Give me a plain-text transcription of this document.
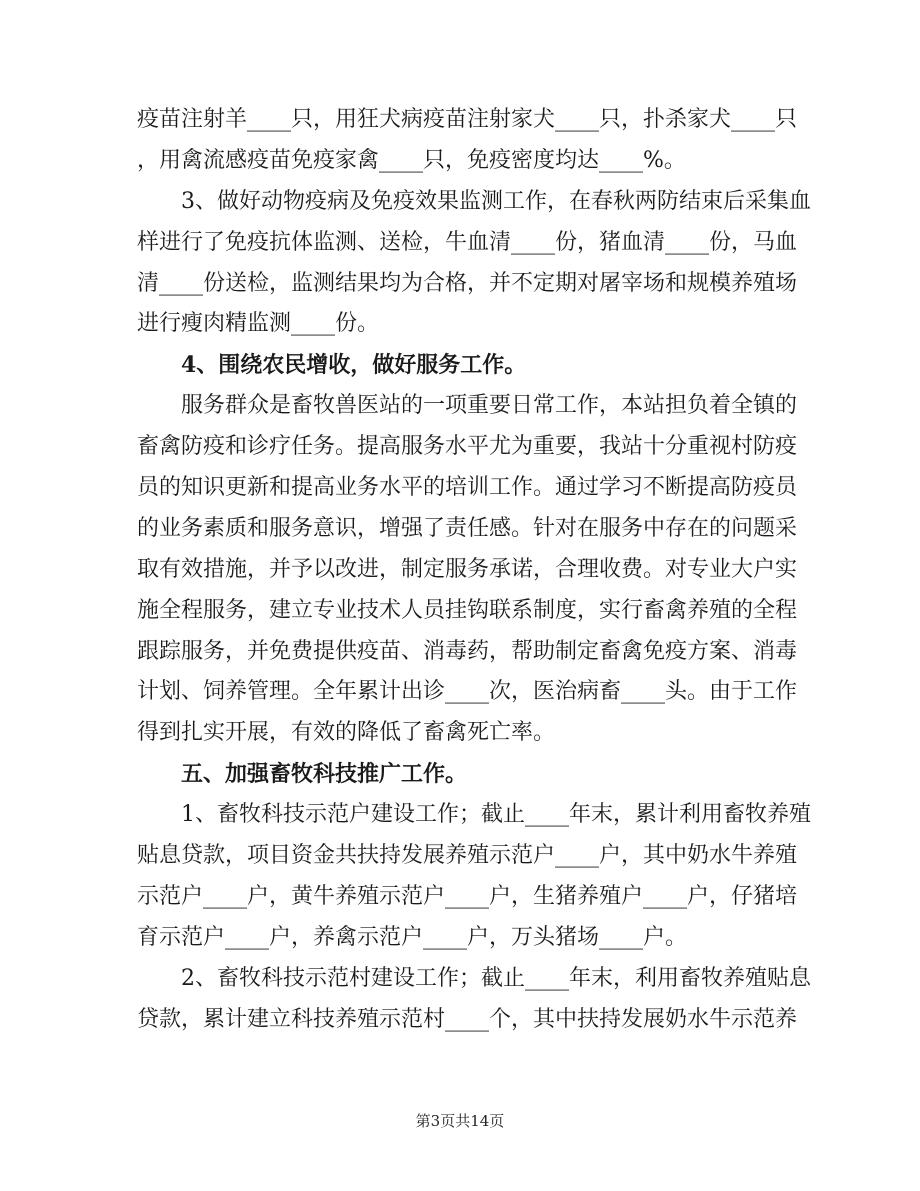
疫苗注射羊____只，用狂犬病疫苗注射家犬____只，扑杀家犬____只
，用禽流感疫苗免疫家禽____只，免疫密度均达____%。
3、做好动物疫病及免疫效果监测工作，在春秋两防结束后采集血
样进行了免疫抗体监测、送检，牛血清____份，猪血清____份，马血
清____份送检，监测结果均为合格，并不定期对屠宰场和规模养殖场
进行瘦肉精监测____份。
4、围绕农民增收，做好服务工作。
服务群众是畜牧兽医站的一项重要日常工作，本站担负着全镇的
畜禽防疫和诊疗任务。提高服务水平尤为重要，我站十分重视村防疫
员的知识更新和提高业务水平的培训工作。通过学习不断提高防疫员
的业务素质和服务意识，增强了责任感。针对在服务中存在的问题采
取有效措施，并予以改进，制定服务承诺，合理收费。对专业大户实
施全程服务，建立专业技术人员挂钩联系制度，实行畜禽养殖的全程
跟踪服务，并免费提供疫苗、消毒药，帮助制定畜禽免疫方案、消毒
计划、饲养管理。全年累计出诊____次，医治病畜____头。由于工作
得到扎实开展，有效的降低了畜禽死亡率。
五、加强畜牧科技推广工作。
1、畜牧科技示范户建设工作；截止____年末，累计利用畜牧养殖
贴息贷款，项目资金共扶持发展养殖示范户____户，其中奶水牛养殖
示范户____户，黄牛养殖示范户____户，生猪养殖户____户，仔猪培
育示范户____户，养禽示范户____户，万头猪场____户。
2、畜牧科技示范村建设工作；截止____年末，利用畜牧养殖贴息
贷款，累计建立科技养殖示范村____个，其中扶持发展奶水牛示范养
第3页共14页
